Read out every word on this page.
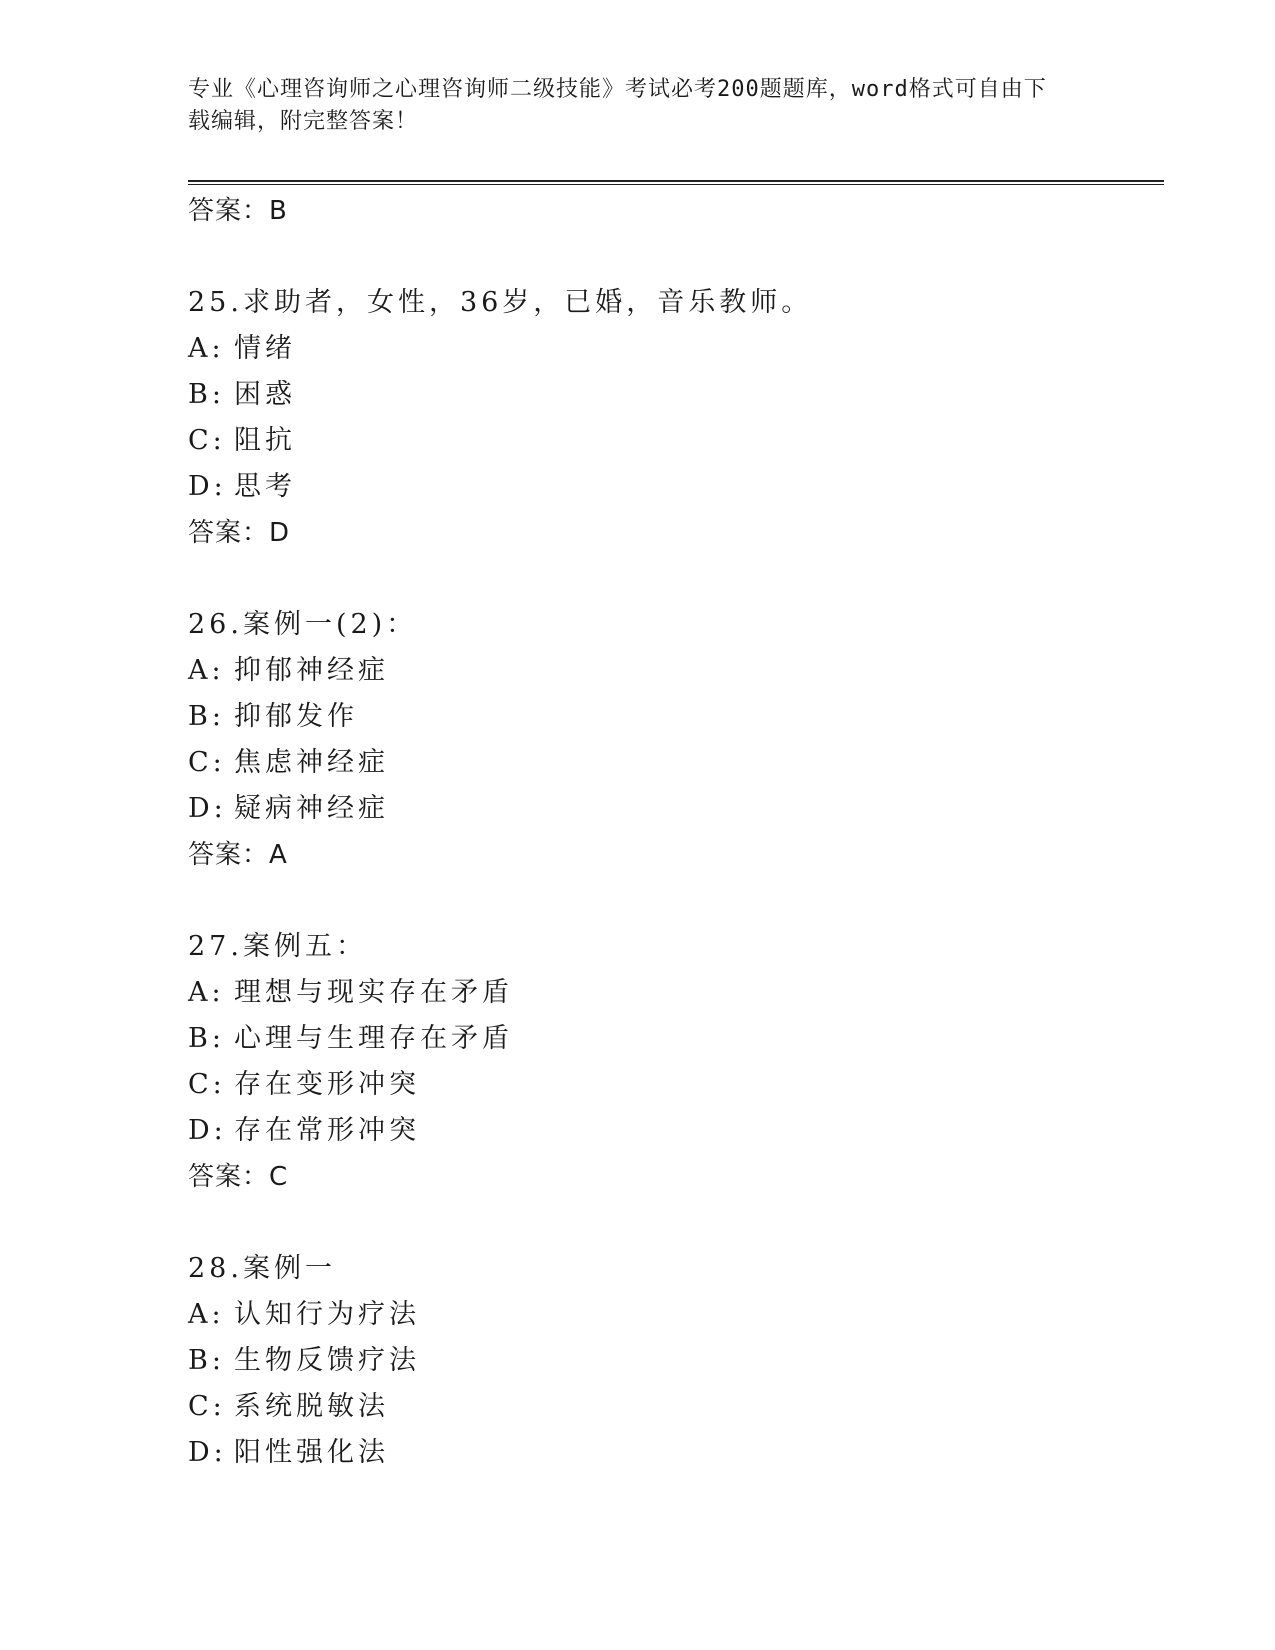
专业《心理咨询师之心理咨询师二级技能》考试必考200题题库，word格式可自由下载编辑，附完整答案！
答案：B
25.求助者，女性，36岁，已婚，音乐教师。
A: 情绪
B: 困惑
C: 阻抗
D: 思考
答案：D
26.案例一(2)：
A: 抑郁神经症
B: 抑郁发作
C: 焦虑神经症
D: 疑病神经症
答案：A
27.案例五：
A: 理想与现实存在矛盾
B: 心理与生理存在矛盾
C: 存在变形冲突
D: 存在常形冲突
答案：C
28.案例一
A: 认知行为疗法
B: 生物反馈疗法
C: 系统脱敏法
D: 阳性强化法
